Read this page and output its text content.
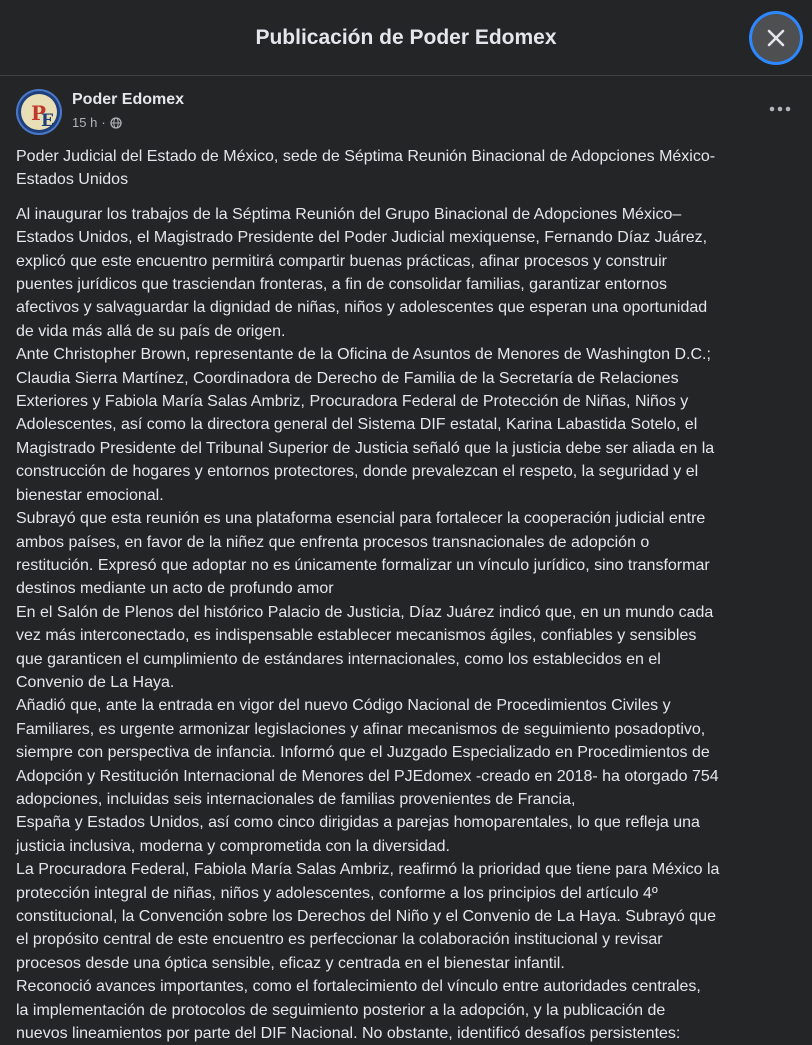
Publicación de Poder Edomex
P
E
Poder Edomex
15 h ·

Poder Judicial del Estado de México, sede de Séptima Reunión Binacional de Adopciones México-
Estados Unidos

Al inaugurar los trabajos de la Séptima Reunión del Grupo Binacional de Adopciones México–
Estados Unidos, el Magistrado Presidente del Poder Judicial mexiquense, Fernando Díaz Juárez,
explicó que este encuentro permitirá compartir buenas prácticas, afinar procesos y construir
puentes jurídicos que trasciendan fronteras, a fin de consolidar familias, garantizar entornos
afectivos y salvaguardar la dignidad de niñas, niños y adolescentes que esperan una oportunidad
de vida más allá de su país de origen.

Ante Christopher Brown, representante de la Oficina de Asuntos de Menores de Washington D.C.;
Claudia Sierra Martínez, Coordinadora de Derecho de Familia de la Secretaría de Relaciones
Exteriores y Fabiola María Salas Ambriz, Procuradora Federal de Protección de Niñas, Niños y
Adolescentes, así como la directora general del Sistema DIF estatal, Karina Labastida Sotelo, el
Magistrado Presidente del Tribunal Superior de Justicia señaló que la justicia debe ser aliada en la
construcción de hogares y entornos protectores, donde prevalezcan el respeto, la seguridad y el
bienestar emocional.

Subrayó que esta reunión es una plataforma esencial para fortalecer la cooperación judicial entre
ambos países, en favor de la niñez que enfrenta procesos transnacionales de adopción o
restitución. Expresó que adoptar no es únicamente formalizar un vínculo jurídico, sino transformar
destinos mediante un acto de profundo amor

En el Salón de Plenos del histórico Palacio de Justicia, Díaz Juárez indicó que, en un mundo cada
vez más interconectado, es indispensable establecer mecanismos ágiles, confiables y sensibles
que garanticen el cumplimiento de estándares internacionales, como los establecidos en el
Convenio de La Haya.

Añadió que, ante la entrada en vigor del nuevo Código Nacional de Procedimientos Civiles y
Familiares, es urgente armonizar legislaciones y afinar mecanismos de seguimiento posadoptivo,
siempre con perspectiva de infancia. Informó que el Juzgado Especializado en Procedimientos de
Adopción y Restitución Internacional de Menores del PJEdomex -creado en 2018- ha otorgado 754
adopciones, incluidas seis internacionales de familias provenientes de Francia,
España y Estados Unidos, así como cinco dirigidas a parejas homoparentales, lo que refleja una
justicia inclusiva, moderna y comprometida con la diversidad.

La Procuradora Federal, Fabiola María Salas Ambriz, reafirmó la prioridad que tiene para México la
protección integral de niñas, niños y adolescentes, conforme a los principios del artículo 4º
constitucional, la Convención sobre los Derechos del Niño y el Convenio de La Haya. Subrayó que
el propósito central de este encuentro es perfeccionar la colaboración institucional y revisar
procesos desde una óptica sensible, eficaz y centrada en el bienestar infantil.

Reconoció avances importantes, como el fortalecimiento del vínculo entre autoridades centrales,
la implementación de protocolos de seguimiento posterior a la adopción, y la publicación de
nuevos lineamientos por parte del DIF Nacional. No obstante, identificó desafíos persistentes:
